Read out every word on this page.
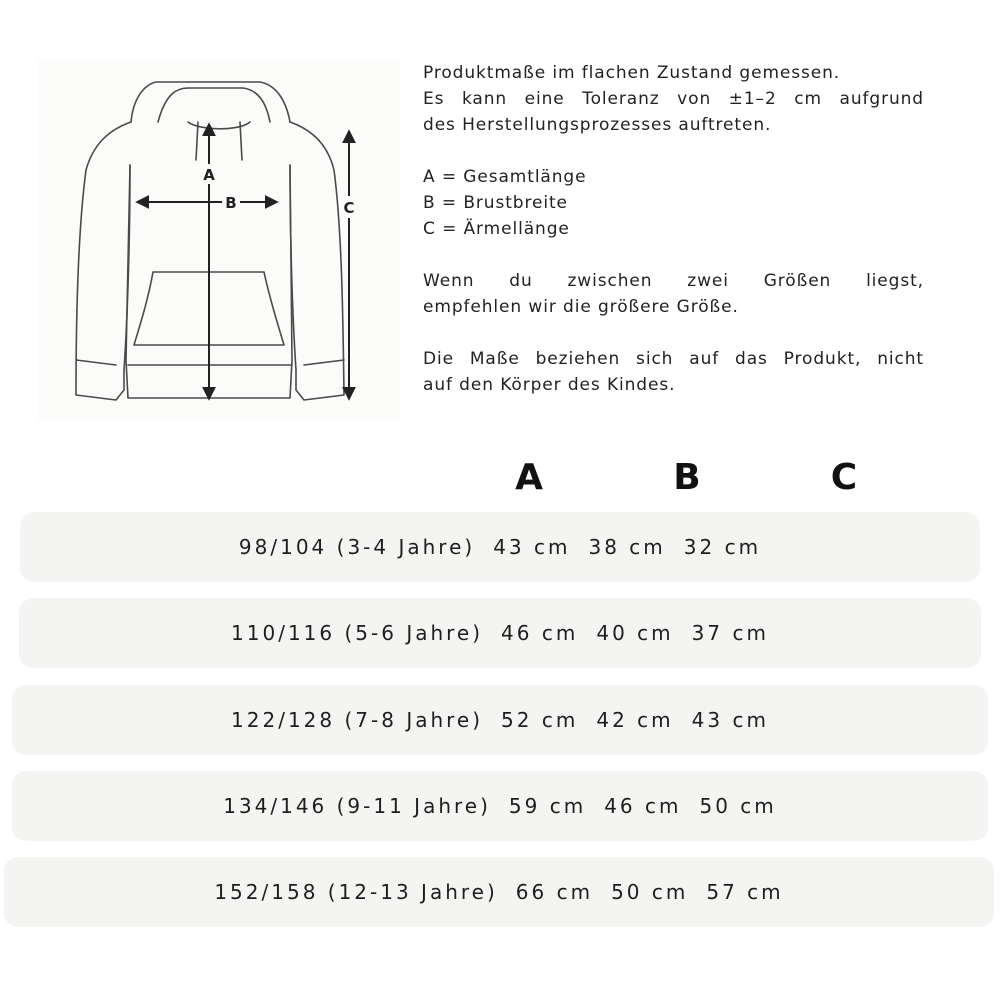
A
B	C

Produktmaße im flachen Zustand gemessen.
Es kann eine Toleranz von ±1–2 cm aufgrund
des Herstellungsprozesses auftreten.

A = Gesamtlänge
B = Brustbreite
C = Ärmellänge

Wenn du zwischen zwei Größen liegst,
empfehlen wir die größere Größe.

Die Maße beziehen sich auf das Produkt, nicht
auf den Körper des Kindes.

A	B	C
98/104 (3-4 Jahre) 43 cm 38 cm 32 cm
110/116 (5-6 Jahre) 46 cm 40 cm 37 cm
122/128 (7-8 Jahre) 52 cm 42 cm 43 cm
134/146 (9-11 Jahre) 59 cm 46 cm 50 cm
152/158 (12-13 Jahre) 66 cm 50 cm 57 cm
